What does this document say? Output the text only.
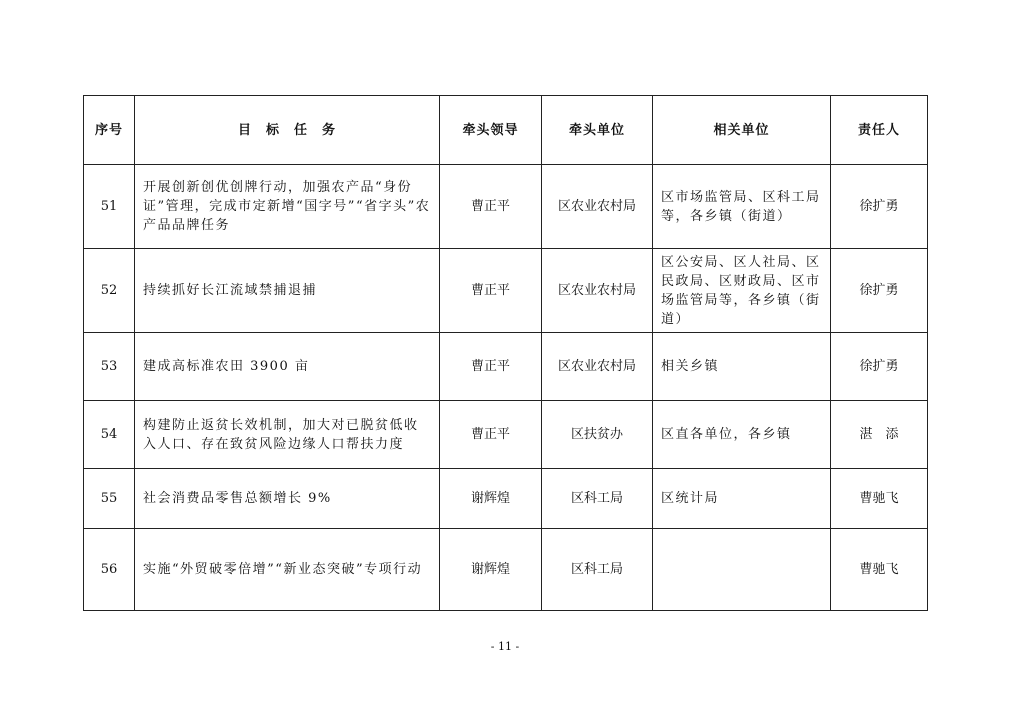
序号	目　标　任　务	牵头领导	牵头单位	相关单位	责任人
51	开展创新创优创牌行动，加强农产品“身份证”管理，完成市定新增“国字号”“省字头”农产品品牌任务	曹正平	区农业农村局	区市场监管局、区科工局等，各乡镇（街道）	徐扩勇
52	持续抓好长江流域禁捕退捕	曹正平	区农业农村局	区公安局、区人社局、区民政局、区财政局、区市场监管局等，各乡镇（街道）	徐扩勇
53	建成高标准农田 3900 亩	曹正平	区农业农村局	相关乡镇	徐扩勇
54	构建防止返贫长效机制，加大对已脱贫低收入人口、存在致贫风险边缘人口帮扶力度	曹正平	区扶贫办	区直各单位，各乡镇	湛　添
55	社会消费品零售总额增长 9%	谢辉煌	区科工局	区统计局	曹驰飞
56	实施“外贸破零倍增”“新业态突破”专项行动	谢辉煌	区科工局		曹驰飞
- 11 -
